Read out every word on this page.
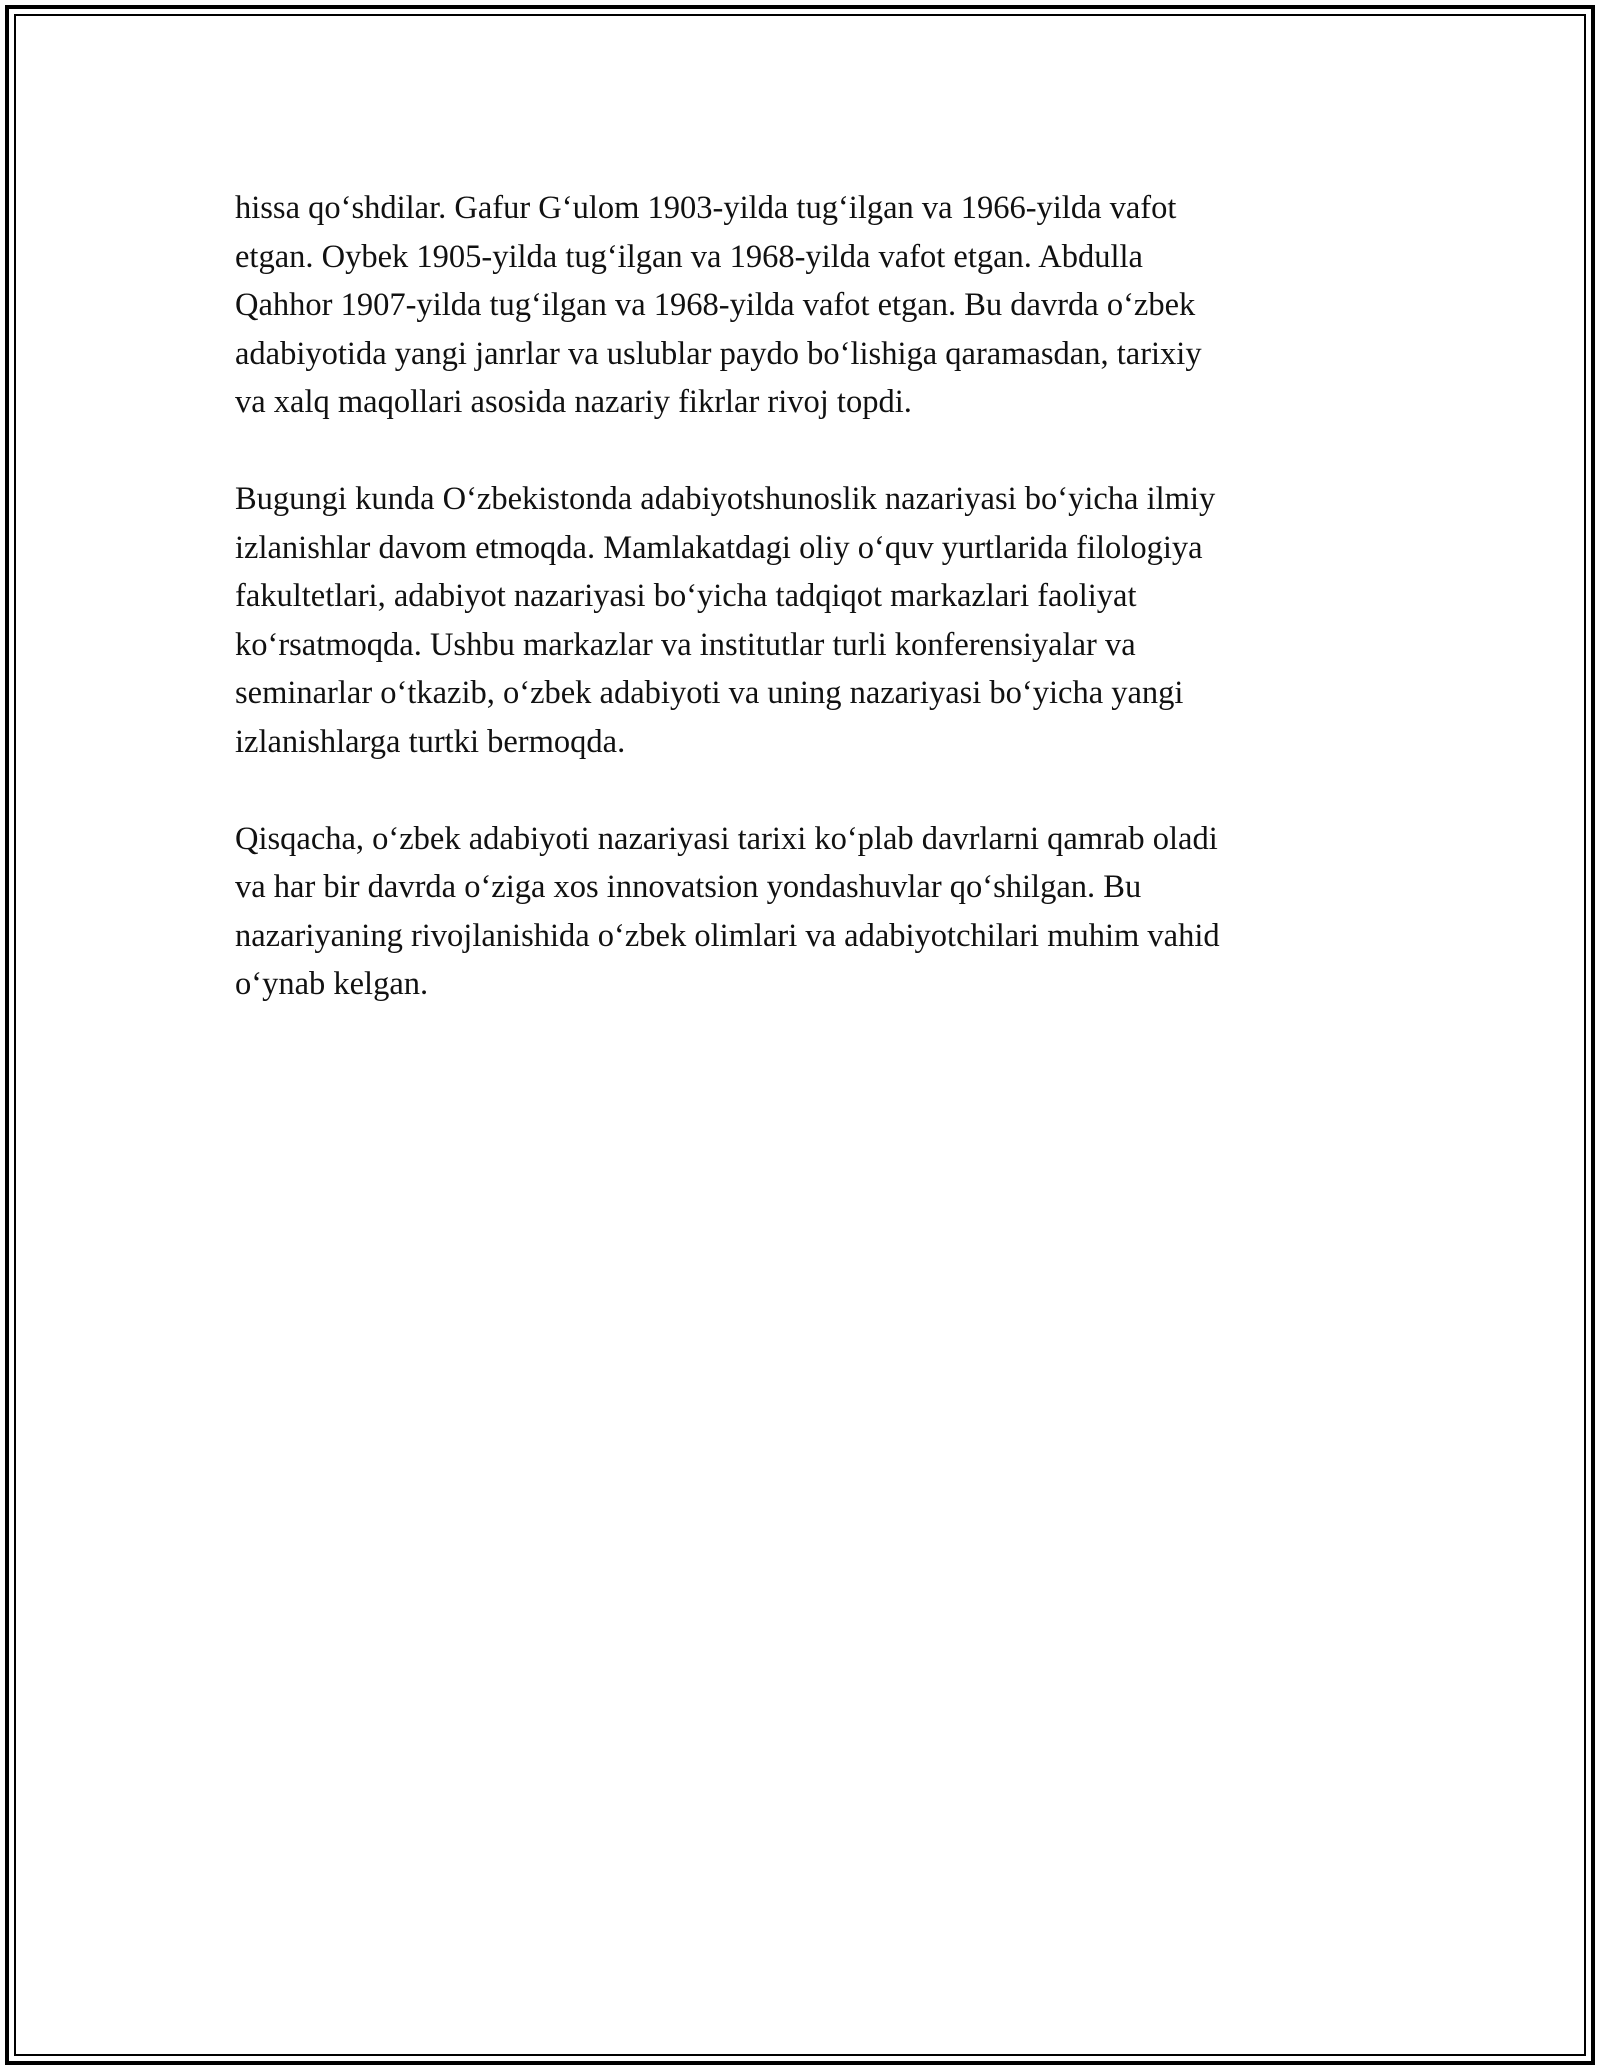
hissa qo‘shdilar. Gafur G‘ulom 1903-yilda tug‘ilgan va 1966-yilda vafot
etgan. Oybek 1905-yilda tug‘ilgan va 1968-yilda vafot etgan. Abdulla
Qahhor 1907-yilda tug‘ilgan va 1968-yilda vafot etgan. Bu davrda o‘zbek
adabiyotida yangi janrlar va uslublar paydo bo‘lishiga qaramasdan, tarixiy
va xalq maqollari asosida nazariy fikrlar rivoj topdi.

Bugungi kunda O‘zbekistonda adabiyotshunoslik nazariyasi bo‘yicha ilmiy
izlanishlar davom etmoqda. Mamlakatdagi oliy o‘quv yurtlarida filologiya
fakultetlari, adabiyot nazariyasi bo‘yicha tadqiqot markazlari faoliyat
ko‘rsatmoqda. Ushbu markazlar va institutlar turli konferensiyalar va
seminarlar o‘tkazib, o‘zbek adabiyoti va uning nazariyasi bo‘yicha yangi
izlanishlarga turtki bermoqda.

Qisqacha, o‘zbek adabiyoti nazariyasi tarixi ko‘plab davrlarni qamrab oladi
va har bir davrda o‘ziga xos innovatsion yondashuvlar qo‘shilgan. Bu
nazariyaning rivojlanishida o‘zbek olimlari va adabiyotchilari muhim vahid
o‘ynab kelgan.
